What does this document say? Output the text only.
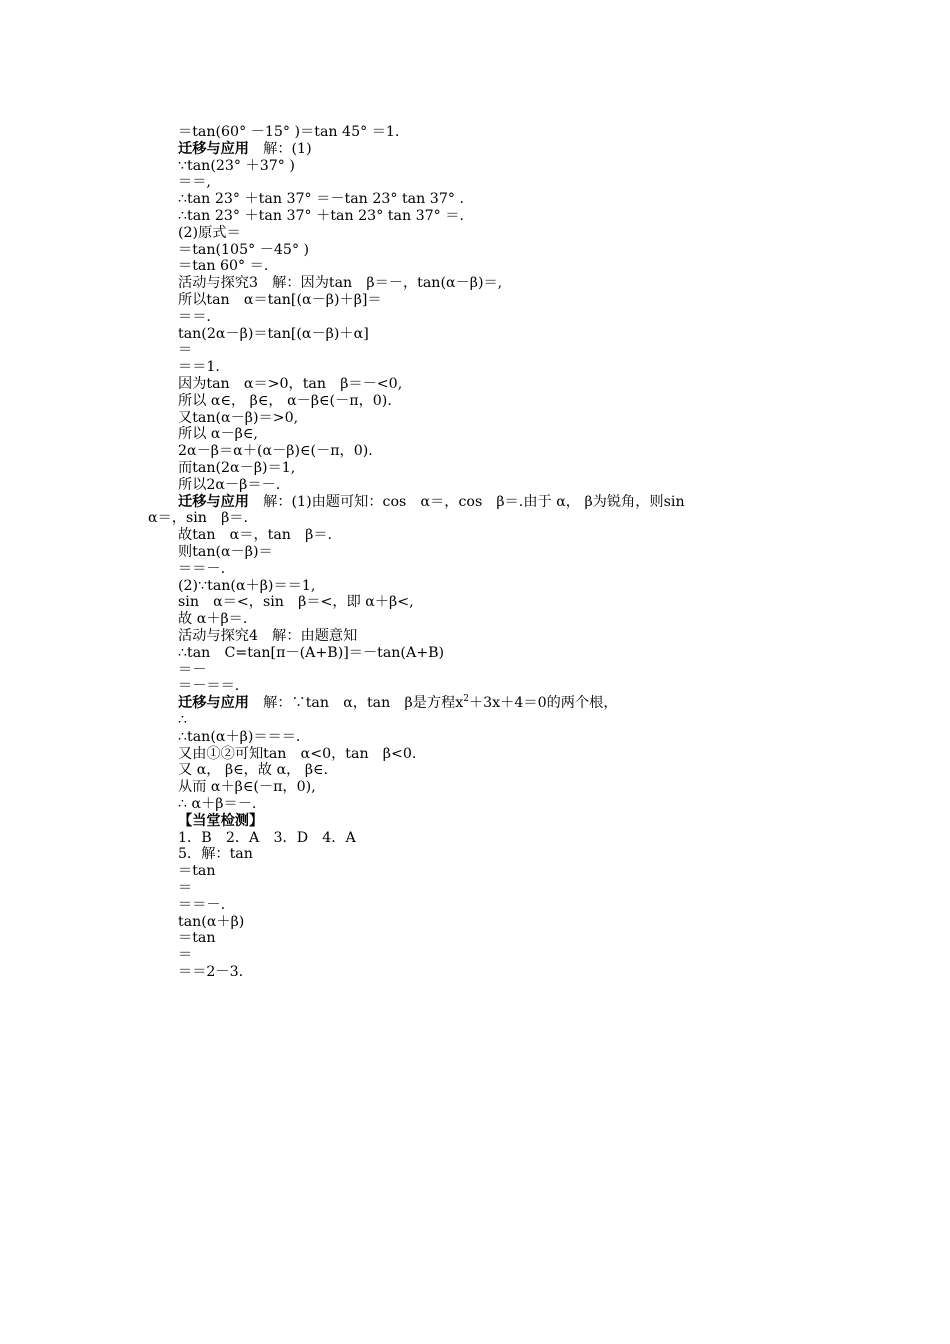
＝tan(60° －15° )＝tan 45° ＝1.
迁移与应用　解：(1)
∵tan(23° ＋37° )
＝＝,
∴tan 23° ＋tan 37° ＝－tan 23° tan 37° .
∴tan 23° ＋tan 37° ＋tan 23° tan 37° ＝.
(2)原式＝
＝tan(105° －45° )
＝tan 60° ＝.
活动与探究3　解：因为tan　β＝－，tan(α－β)＝,
所以tan　α＝tan[(α－β)＋β]＝
＝＝.
tan(2α－β)＝tan[(α－β)＋α]
＝
＝＝1.
因为tan　α＝>0，tan　β＝－<0,
所以 α∈， β∈， α－β∈(－π，0).
又tan(α－β)＝>0,
所以 α－β∈,
2α－β＝α＋(α－β)∈(－π，0).
而tan(2α－β)＝1,
所以2α－β＝－.
迁移与应用　解：(1)由题可知：cos　α＝，cos　β＝.由于 α， β为锐角，则sin
α＝，sin　β＝.
故tan　α＝，tan　β＝.
则tan(α－β)＝
＝＝－.
(2)∵tan(α＋β)＝＝1,
sin　α＝<，sin　β＝<，即 α＋β<,
故 α＋β＝.
活动与探究4　解：由题意知
∴tan　C=tan[π－(A+B)]＝－tan(A+B)
＝－
＝－＝＝.
迁移与应用　解：∵tan　α，tan　β是方程$x^2+3x+4=0$的两个根，
∴
∴tan(α＋β)＝＝＝.
又由①②可知tan　α<0，tan　β<0.
又 α， β∈，故 α， β∈.
从而 α＋β∈(－π，0),
∴ α＋β＝－.
【当堂检测】
1．B　2．A　3．D　4．A
5．解：tan
＝tan
＝
＝＝－.
tan(α＋β)
＝tan
＝
＝＝2－3.
